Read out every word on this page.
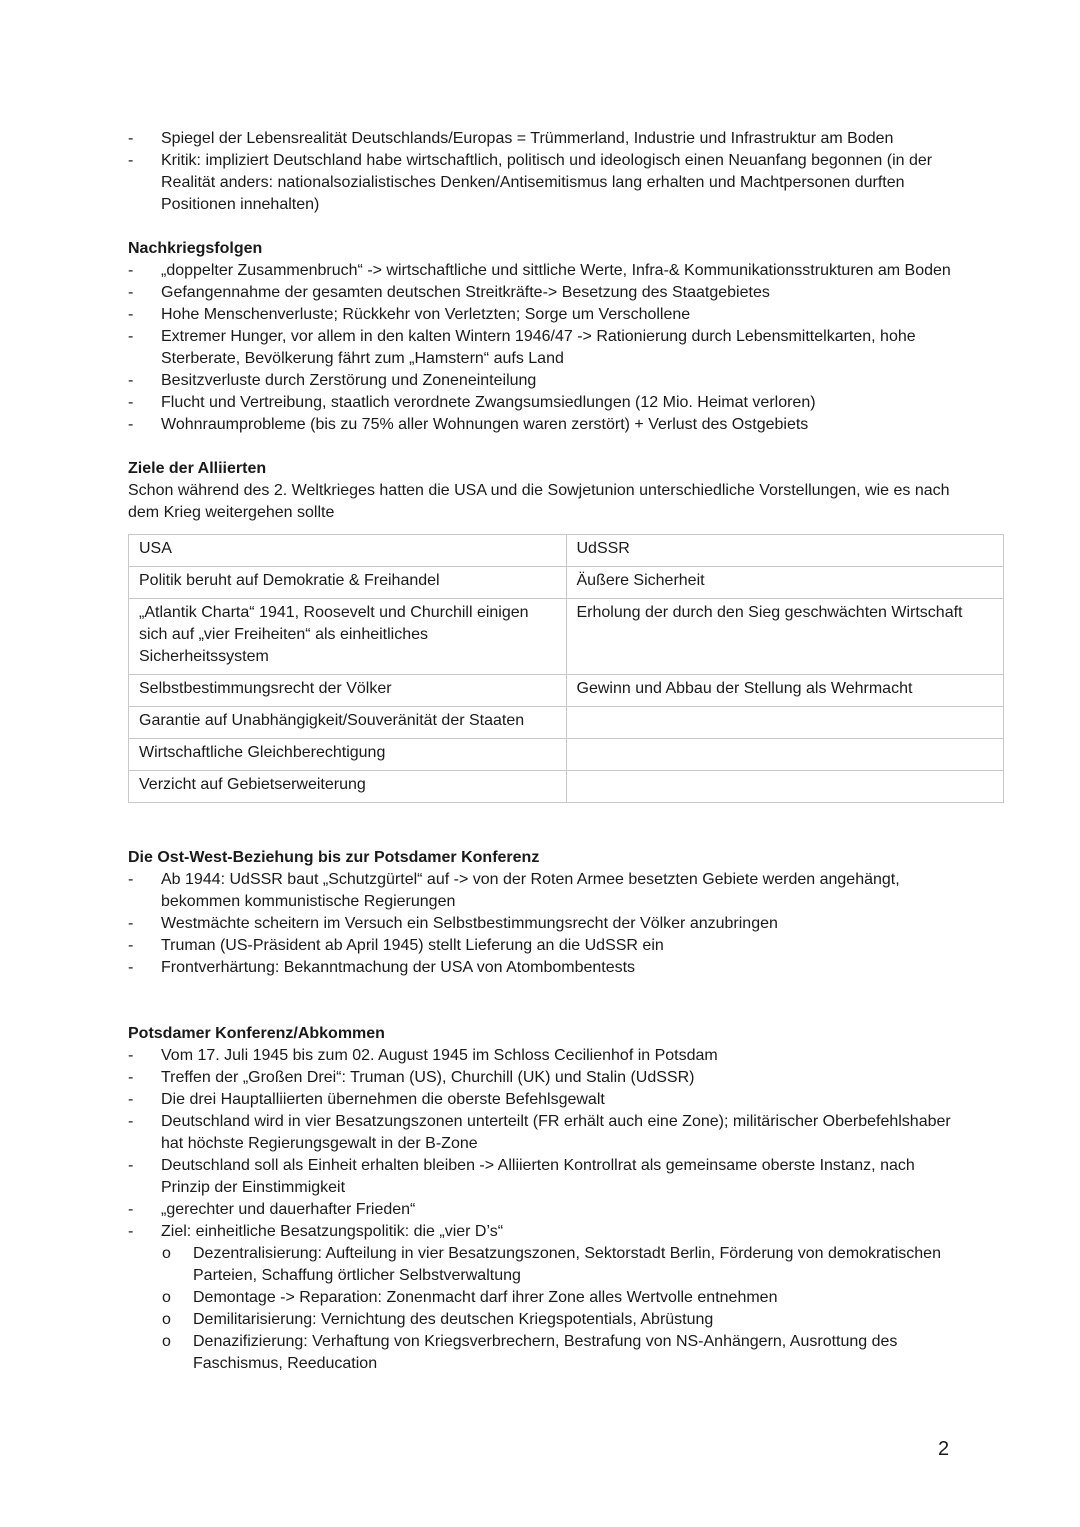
- Spiegel der Lebensrealität Deutschlands/Europas = Trümmerland, Industrie und Infrastruktur am Boden
- Kritik: impliziert Deutschland habe wirtschaftlich, politisch und ideologisch einen Neuanfang begonnen (in der Realität anders: nationalsozialistisches Denken/Antisemitismus lang erhalten und Machtpersonen durften Positionen innehalten)

Nachkriegsfolgen

- „doppelter Zusammenbruch“ -> wirtschaftliche und sittliche Werte, Infra-& Kommunikationsstrukturen am Boden
- Gefangennahme der gesamten deutschen Streitkräfte-> Besetzung des Staatgebietes
- Hohe Menschenverluste; Rückkehr von Verletzten; Sorge um Verschollene
- Extremer Hunger, vor allem in den kalten Wintern 1946/47 -> Rationierung durch Lebensmittelkarten, hohe Sterberate, Bevölkerung fährt zum „Hamstern“ aufs Land
- Besitzverluste durch Zerstörung und Zoneneinteilung
- Flucht und Vertreibung, staatlich verordnete Zwangsumsiedlungen (12 Mio. Heimat verloren)
- Wohnraumprobleme (bis zu 75% aller Wohnungen waren zerstört) + Verlust des Ostgebiets

Ziele der Alliierten

Schon während des 2. Weltkrieges hatten die USA und die Sowjetunion unterschiedliche Vorstellungen, wie es nach dem Krieg weitergehen sollte

USA	UdSSR
Politik beruht auf Demokratie & Freihandel	Äußere Sicherheit
„Atlantik Charta“ 1941, Roosevelt und Churchill einigen sich auf „vier Freiheiten“ als einheitliches Sicherheitssystem	Erholung der durch den Sieg geschwächten Wirtschaft
Selbstbestimmungsrecht der Völker	Gewinn und Abbau der Stellung als Wehrmacht
Garantie auf Unabhängigkeit/Souveränität der Staaten	
Wirtschaftliche Gleichberechtigung	
Verzicht auf Gebietserweiterung	

Die Ost-West-Beziehung bis zur Potsdamer Konferenz

- Ab 1944: UdSSR baut „Schutzgürtel“ auf -> von der Roten Armee besetzten Gebiete werden angehängt, bekommen kommunistische Regierungen
- Westmächte scheitern im Versuch ein Selbstbestimmungsrecht der Völker anzubringen
- Truman (US-Präsident ab April 1945) stellt Lieferung an die UdSSR ein
- Frontverhärtung: Bekanntmachung der USA von Atombombentests

Potsdamer Konferenz/Abkommen

- Vom 17. Juli 1945 bis zum 02. August 1945 im Schloss Cecilienhof in Potsdam
- Treffen der „Großen Drei“: Truman (US), Churchill (UK) und Stalin (UdSSR)
- Die drei Hauptalliierten übernehmen die oberste Befehlsgewalt
- Deutschland wird in vier Besatzungszonen unterteilt (FR erhält auch eine Zone); militärischer Oberbefehlshaber hat höchste Regierungsgewalt in der B-Zone
- Deutschland soll als Einheit erhalten bleiben -> Alliierten Kontrollrat als gemeinsame oberste Instanz, nach Prinzip der Einstimmigkeit
- „gerechter und dauerhafter Frieden“
- Ziel: einheitliche Besatzungspolitik: die „vier D’s“
o Dezentralisierung: Aufteilung in vier Besatzungszonen, Sektorstadt Berlin, Förderung von demokratischen Parteien, Schaffung örtlicher Selbstverwaltung
o Demontage -> Reparation: Zonenmacht darf ihrer Zone alles Wertvolle entnehmen
o Demilitarisierung: Vernichtung des deutschen Kriegspotentials, Abrüstung
o Denazifizierung: Verhaftung von Kriegsverbrechern, Bestrafung von NS-Anhängern, Ausrottung des Faschismus, Reeducation
2
